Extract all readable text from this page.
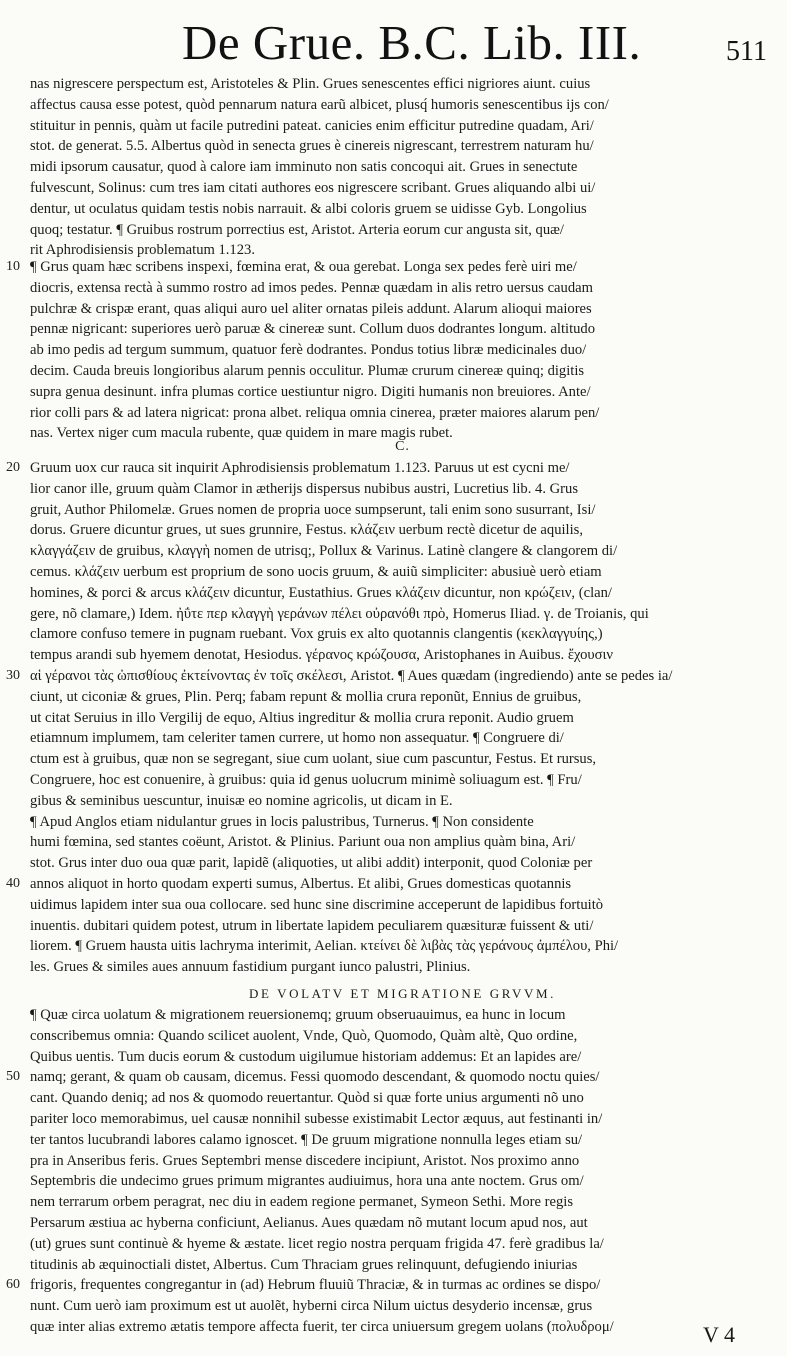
De Grue. B.C. Lib. III.	511
nas nigrescere perspectum est, Aristoteles & Plin. Grues senescentes effici nigriores aiunt. cuius
affectus causa esse potest, quòd pennarum natura earũ albicet, plusq́ humoris senescentibus ijs con/
stituitur in pennis, quàm ut facile putredini pateat. canicies enim efficitur putredine quadam, Ari/
stot. de generat. 5.5. Albertus quòd in senecta grues è cinereis nigrescant, terrestrem naturam hu/
midi ipsorum causatur, quod à calore iam imminuto non satis concoqui ait. Grues in senectute
fulvescunt, Solinus: cum tres iam citati authores eos nigrescere scribant. Grues aliquando albi ui/
dentur, ut oculatus quidam testis nobis narrauit. & albi coloris gruem se uidisse Gyb. Longolius
quoq; testatur. ¶ Gruibus rostrum porrectius est, Aristot. Arteria eorum cur angusta sit, quæ/
rit Aphrodisiensis problematum 1.123.
10 ¶ Grus quam hæc scribens inspexi, fœmina erat, & oua gerebat. Longa sex pedes ferè uiri me/
diocris, extensa rectà à summo rostro ad imos pedes. Pennæ quædam in alis retro uersus caudam
pulchræ & crispæ erant, quas aliqui auro uel aliter ornatas pileis addunt. Alarum alioqui maiores
pennæ nigricant: superiores uerò paruæ & cinereæ sunt. Collum duos dodrantes longum. altitudo
ab imo pedis ad tergum summum, quatuor ferè dodrantes. Pondus totius libræ medicinales duo/
decim. Cauda breuis longioribus alarum pennis occulitur. Plumæ crurum cinereæ quinq; digitis
supra genua desinunt. infra plumas cortice uestiuntur nigro. Digiti humanis non breuiores. Ante/
rior colli pars & ad latera nigricat: prona albet. reliqua omnia cinerea, præter maiores alarum pen/
nas. Vertex niger cum macula rubente, quæ quidem in mare magis rubet.
C.
20 Gruum uox cur rauca sit inquirit Aphrodisiensis problematum 1.123. Paruus ut est cycni me/
lior canor ille, gruum quàm Clamor in ætherijs dispersus nubibus austri, Lucretius lib. 4. Grus
gruit, Author Philomelæ. Grues nomen de propria uoce sumpserunt, tali enim sono susurrant, Isi/
dorus. Gruere dicuntur grues, ut sues grunnire, Festus. κλάζειν uerbum rectè dicetur de aquilis,
κλαγγάζειν de gruibus, κλαγγὴ nomen de utrisq;, Pollux & Varinus. Latinè clangere & clangorem di/
cemus. κλάζειν uerbum est proprium de sono uocis gruum, & auiũ simpliciter: abusiuè uerò etiam
homines, & porci & arcus κλάζειν dicuntur, Eustathius. Grues κλάζειν dicuntur, non κρώζειν, (clan/
gere, nõ clamare,) Idem. ἠΰτε περ κλαγγὴ γεράνων πέλει οὐρανόθι πρὸ, Homerus Iliad. γ. de Troianis, qui
clamore confuso temere in pugnam ruebant. Vox gruis ex alto quotannis clangentis (κεκλαγγυίης,)
tempus arandi sub hyemem denotat, Hesiodus. γέρανος κρώζουσα, Aristophanes in Auibus. ἔχουσιν
30 αἱ γέρανοι τὰς ὠπισθίους ἐκτείνοντας ἐν τοῖς σκέλεσι, Aristot. ¶ Aues quædam (ingrediendo) ante se pedes ia/
ciunt, ut ciconiæ & grues, Plin. Perq; fabam repunt & mollia crura reponũt, Ennius de gruibus,
ut citat Seruius in illo Vergilij de equo, Altius ingreditur & mollia crura reponit. Audio gruem
etiamnum implumem, tam celeriter tamen currere, ut homo non assequatur. ¶ Congruere di/
ctum est à gruibus, quæ non se segregant, siue cum uolant, siue cum pascuntur, Festus. Et rursus,
Congruere, hoc est conuenire, à gruibus: quia id genus uolucrum minimè soliuagum est. ¶ Fru/
gibus & seminibus uescuntur, inuisæ eo nomine agricolis, ut dicam in E.
¶ Apud Anglos etiam nidulantur grues in locis palustribus, Turnerus. ¶ Non considente
humi fœmina, sed stantes coëunt, Aristot. & Plinius. Pariunt oua non amplius quàm bina, Ari/
stot. Grus inter duo oua quæ parit, lapidẽ (aliquoties, ut alibi addit) interponit, quod Coloniæ per
40 annos aliquot in horto quodam experti sumus, Albertus. Et alibi, Grues domesticas quotannis
uidimus lapidem inter sua oua collocare. sed hunc sine discrimine acceperunt de lapidibus fortuitò
inuentis. dubitari quidem potest, utrum in libertate lapidem peculiarem quæsituræ fuissent & uti/
liorem. ¶ Gruem hausta uitis lachryma interimit, Aelian. κτείνει δὲ λιβὰς τὰς γεράνους ἀμπέλου, Phi/
les. Grues & similes aues annuum fastidium purgant iunco palustri, Plinius.
DE VOLATV ET MIGRATIONE GRVVM.
¶ Quæ circa uolatum & migrationem reuersionemq; gruum obseruauimus, ea hunc in locum
conscribemus omnia: Quando scilicet auolent, Vnde, Quò, Quomodo, Quàm altè, Quo ordine,
Quibus uentis. Tum ducis eorum & custodum uigilumue historiam addemus: Et an lapides are/
50 namq; gerant, & quam ob causam, dicemus. Fessi quomodo descendant, & quomodo noctu quies/
cant. Quando deniq; ad nos & quomodo reuertantur. Quòd si quæ forte unius argumenti nõ uno
pariter loco memorabimus, uel causæ nonnihil subesse existimabit Lector æquus, aut festinanti in/
ter tantos lucubrandi labores calamo ignoscet. ¶ De gruum migratione nonnulla leges etiam su/
pra in Anseribus feris. Grues Septembri mense discedere incipiunt, Aristot. Nos proximo anno
Septembris die undecimo grues primum migrantes audiuimus, hora una ante noctem. Grus om/
nem terrarum orbem peragrat, nec diu in eadem regione permanet, Symeon Sethi. More regis
Persarum æstiua ac hyberna conficiunt, Aelianus. Aues quædam nõ mutant locum apud nos, aut
(ut) grues sunt continuè & hyeme & æstate. licet regio nostra perquam frigida 47. ferè gradibus la/
titudinis ab æquinoctiali distet, Albertus. Cum Thraciam grues relinquunt, defugiendo iniurias
60 frigoris, frequentes congregantur in (ad) Hebrum fluuiũ Thraciæ, & in turmas ac ordines se dispo/
nunt. Cum uerò iam proximum est ut auolẽt, hyberni circa Nilum uictus desyderio incensæ, grus
quæ inter alias extremo ætatis tempore affecta fuerit, ter circa uniuersum gregem uolans (πολυδρομ/	V 4
